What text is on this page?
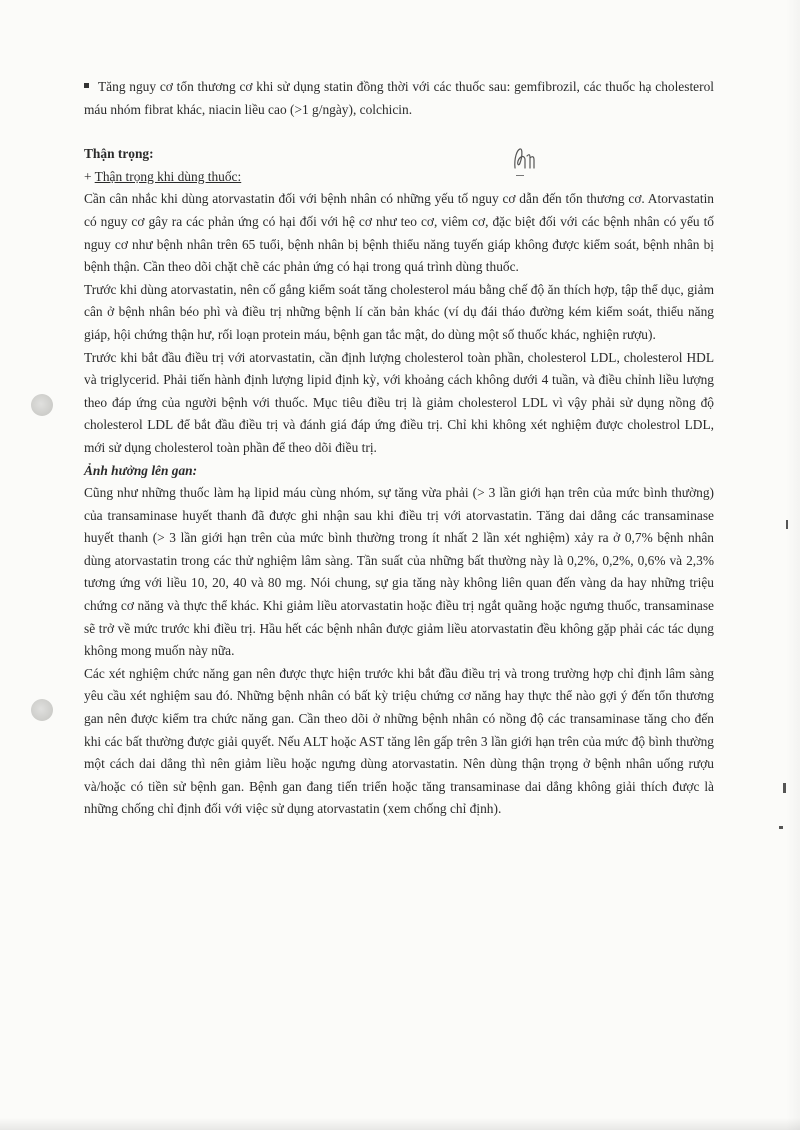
Tăng nguy cơ tổn thương cơ khi sử dụng statin đồng thời với các thuốc sau: gemfibrozil, các thuốc hạ cholesterol máu nhóm fibrat khác, niacin liều cao (>1 g/ngày), colchicin.

Thận trọng:

+ Thận trọng khi dùng thuốc:

Cần cân nhắc khi dùng atorvastatin đối với bệnh nhân có những yếu tố nguy cơ dẫn đến tổn thương cơ. Atorvastatin có nguy cơ gây ra các phản ứng có hại đối với hệ cơ như teo cơ, viêm cơ, đặc biệt đối với các bệnh nhân có yếu tố nguy cơ như bệnh nhân trên 65 tuổi, bệnh nhân bị bệnh thiểu năng tuyến giáp không được kiểm soát, bệnh nhân bị bệnh thận. Cần theo dõi chặt chẽ các phản ứng có hại trong quá trình dùng thuốc.

Trước khi dùng atorvastatin, nên cố gắng kiểm soát tăng cholesterol máu bằng chế độ ăn thích hợp, tập thể dục, giảm cân ở bệnh nhân béo phì và điều trị những bệnh lí căn bản khác (ví dụ đái tháo đường kém kiểm soát, thiểu năng giáp, hội chứng thận hư, rối loạn protein máu, bệnh gan tắc mật, do dùng một số thuốc khác, nghiện rượu).

Trước khi bắt đầu điều trị với atorvastatin, cần định lượng cholesterol toàn phần, cholesterol LDL, cholesterol HDL và triglycerid. Phải tiến hành định lượng lipid định kỳ, với khoảng cách không dưới 4 tuần, và điều chỉnh liều lượng theo đáp ứng của người bệnh với thuốc. Mục tiêu điều trị là giảm cholesterol LDL vì vậy phải sử dụng nồng độ cholesterol LDL để bắt đầu điều trị và đánh giá đáp ứng điều trị. Chỉ khi không xét nghiệm được cholestrol LDL, mới sử dụng cholesterol toàn phần để theo dõi điều trị.

Ảnh hưởng lên gan:

Cũng như những thuốc làm hạ lipid máu cùng nhóm, sự tăng vừa phải (> 3 lần giới hạn trên của mức bình thường) của transaminase huyết thanh đã được ghi nhận sau khi điều trị với atorvastatin. Tăng dai dẳng các transaminase huyết thanh (> 3 lần giới hạn trên của mức bình thường trong ít nhất 2 lần xét nghiệm) xảy ra ở 0,7% bệnh nhân dùng atorvastatin trong các thử nghiệm lâm sàng. Tần suất của những bất thường này là 0,2%, 0,2%, 0,6% và 2,3% tương ứng với liều 10, 20, 40 và 80 mg. Nói chung, sự gia tăng này không liên quan đến vàng da hay những triệu chứng cơ năng và thực thể khác. Khi giảm liều atorvastatin hoặc điều trị ngắt quãng hoặc ngưng thuốc, transaminase sẽ trở về mức trước khi điều trị. Hầu hết các bệnh nhân được giảm liều atorvastatin đều không gặp phải các tác dụng không mong muốn này nữa.

Các xét nghiệm chức năng gan nên được thực hiện trước khi bắt đầu điều trị và trong trường hợp chỉ định lâm sàng yêu cầu xét nghiệm sau đó. Những bệnh nhân có bất kỳ triệu chứng cơ năng hay thực thể nào gợi ý đến tổn thương gan nên được kiểm tra chức năng gan. Cần theo dõi ở những bệnh nhân có nồng độ các transaminase tăng cho đến khi các bất thường được giải quyết. Nếu ALT hoặc AST tăng lên gấp trên 3 lần giới hạn trên của mức độ bình thường một cách dai dẳng thì nên giảm liều hoặc ngưng dùng atorvastatin. Nên dùng thận trọng ở bệnh nhân uống rượu và/hoặc có tiền sử bệnh gan. Bệnh gan đang tiến triển hoặc tăng transaminase dai dẳng không giải thích được là những chống chỉ định đối với việc sử dụng atorvastatin (xem chống chỉ định).
